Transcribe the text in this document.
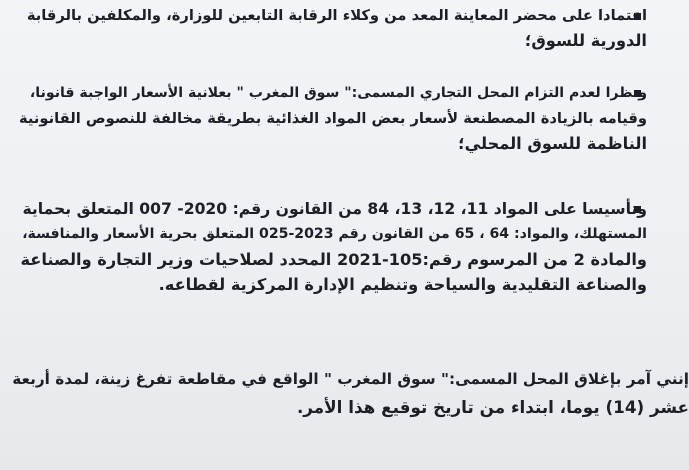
اعتمادا على محضر المعاينة المعد من وكلاء الرقابة التابعين للوزارة، والمكلفين بالرقابة
الدورية للسوق؛
ونظرا لعدم التزام المحل التجاري المسمى:" سوق المغرب " بعلانية الأسعار الواجبة قانونا،
وقيامه بالزيادة المصطنعة لأسعار بعض المواد الغذائية بطريقة مخالفة للنصوص القانونية
الناظمة للسوق المحلي؛
وتأسيسا على المواد 11، 12، 13، 84 من القانون رقم: 2020- 007 المتعلق بحماية
المستهلك، والمواد: 64 ، 65 من القانون رقم 2023-025 المتعلق بحرية الأسعار والمنافسة،
والمادة 2 من المرسوم رقم:105-2021 المحدد لصلاحيات وزير التجارة والصناعة
والصناعة التقليدية والسياحة وتنظيم الإدارة المركزية لقطاعه.
إنني آمر بإغلاق المحل المسمى:" سوق المغرب " الواقع في مقاطعة تفرغ زينة، لمدة أربعة
عشر (14) يوما، ابتداء من تاريخ توقيع هذا الأمر.
